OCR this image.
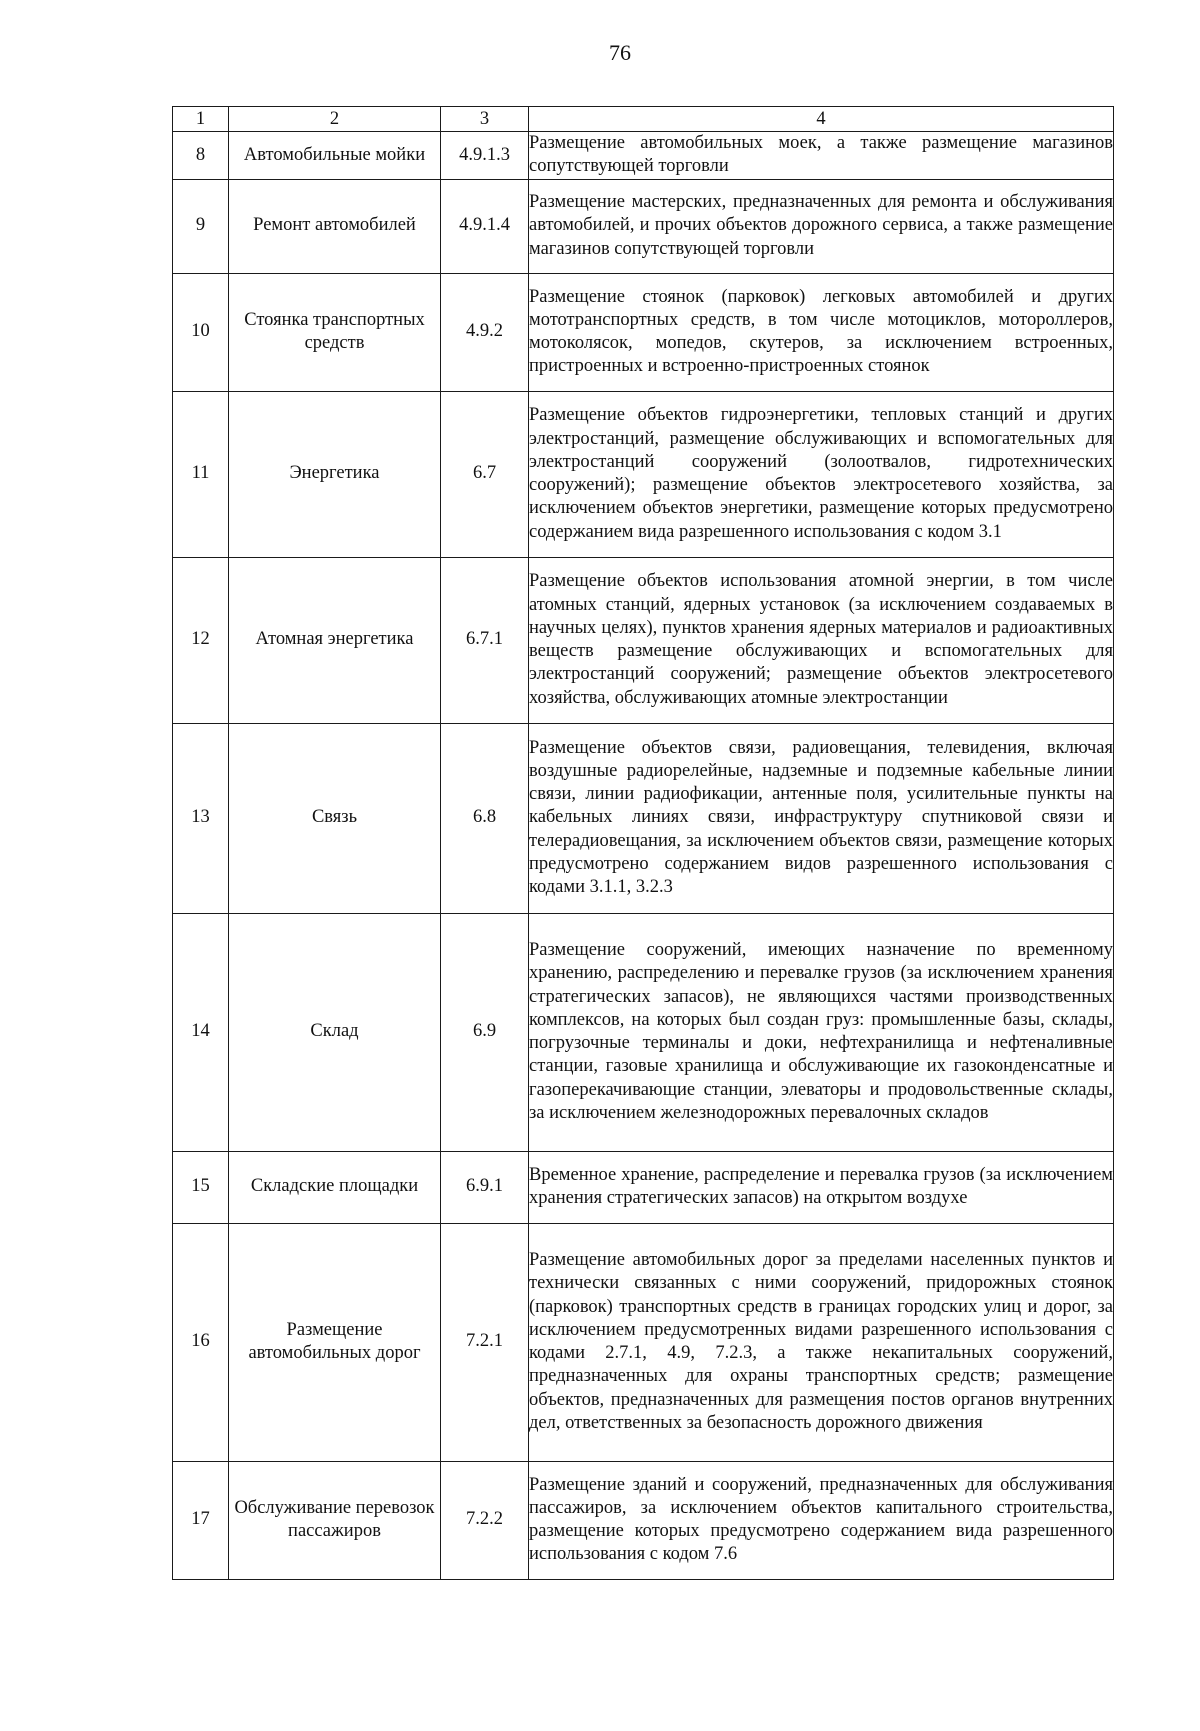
76
1	2	3	4
8	Автомобильные мойки	4.9.1.3	Размещение автомобильных моек, а также размещение магазинов сопутствующей торговли
9	Ремонт автомобилей	4.9.1.4	Размещение мастерских, предназначенных для ремонта и обслуживания автомобилей, и прочих объектов дорожного сервиса, а также размещение магазинов сопутствующей торговли
10	Стоянка транспортных средств	4.9.2	Размещение стоянок (парковок) легковых автомобилей и других мототранспортных средств, в том числе мотоциклов, мотороллеров, мотоколясок, мопедов, скутеров, за исключением встроенных, пристроенных и встроенно-пристроенных стоянок
11	Энергетика	6.7	Размещение объектов гидроэнергетики, тепловых станций и других электростанций, размещение обслуживающих и вспомогательных для электростанций сооружений (золоотвалов, гидротехнических сооружений); размещение объектов электросетевого хозяйства, за исключением объектов энергетики, размещение которых предусмотрено содержанием вида разрешенного использования с кодом 3.1
12	Атомная энергетика	6.7.1	Размещение объектов использования атомной энергии, в том числе атомных станций, ядерных установок (за исключением создаваемых в научных целях), пунктов хранения ядерных материалов и радиоактивных веществ размещение обслуживающих и вспомогательных для электростанций сооружений; размещение объектов электросетевого хозяйства, обслуживающих атомные электростанции
13	Связь	6.8	Размещение объектов связи, радиовещания, телевидения, включая воздушные радиорелейные, надземные и подземные кабельные линии связи, линии радиофикации, антенные поля, усилительные пункты на кабельных линиях связи, инфраструктуру спутниковой связи и телерадиовещания, за исключением объектов связи, размещение которых предусмотрено содержанием видов разрешенного использования с кодами 3.1.1, 3.2.3
14	Склад	6.9	Размещение сооружений, имеющих назначение по временному хранению, распределению и перевалке грузов (за исключением хранения стратегических запасов), не являющихся частями производственных комплексов, на которых был создан груз: промышленные базы, склады, погрузочные терминалы и доки, нефтехранилища и нефтеналивные станции, газовые хранилища и обслуживающие их газоконденсатные и газоперекачивающие станции, элеваторы и продовольственные склады, за исключением железнодорожных перевалочных складов
15	Складские площадки	6.9.1	Временное хранение, распределение и перевалка грузов (за исключением хранения стратегических запасов) на открытом воздухе
16	Размещение автомобильных дорог	7.2.1	Размещение автомобильных дорог за пределами населенных пунктов и технически связанных с ними сооружений, придорожных стоянок (парковок) транспортных средств в границах городских улиц и дорог, за исключением предусмотренных видами разрешенного использования с кодами 2.7.1, 4.9, 7.2.3, а также некапитальных сооружений, предназначенных для охраны транспортных средств; размещение объектов, предназначенных для размещения постов органов внутренних дел, ответственных за безопасность дорожного движения
17	Обслуживание перевозок пассажиров	7.2.2	Размещение зданий и сооружений, предназначенных для обслуживания пассажиров, за исключением объектов капитального строительства, размещение которых предусмотрено содержанием вида разрешенного использования с кодом 7.6
